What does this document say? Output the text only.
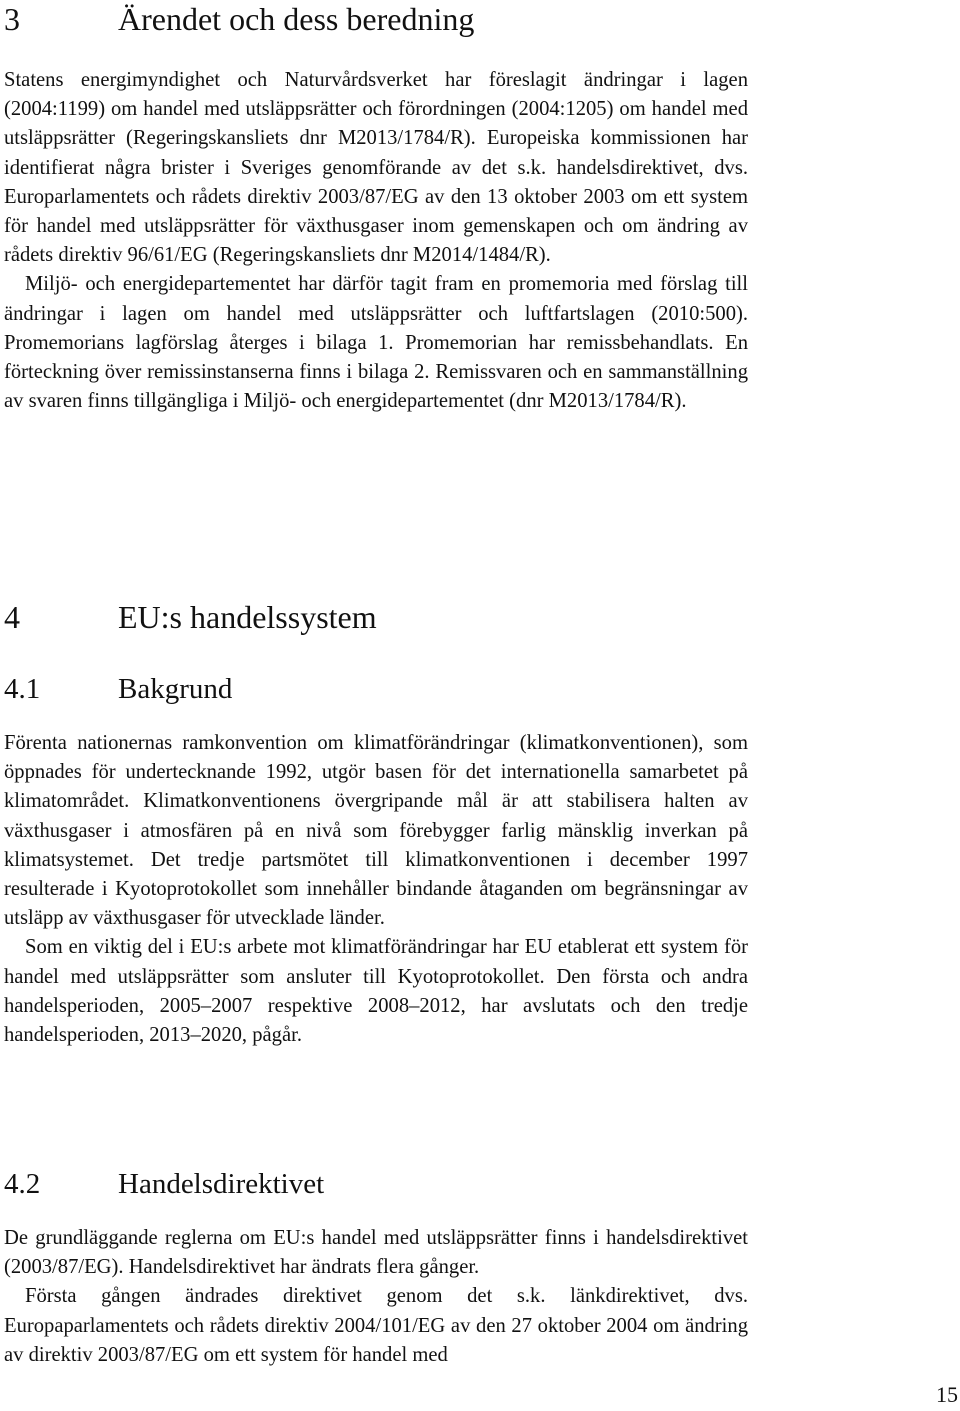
3	Ärendet och dess beredning

Statens energimyndighet och Naturvårdsverket har föreslagit ändringar i lagen (2004:1199) om handel med utsläppsrätter och förordningen (2004:1205) om handel med utsläppsrätter (Regeringskansliets dnr M2013/1784/R). Europeiska kommissionen har identifierat några brister i Sveriges genomförande av det s.k. handelsdirektivet, dvs. Europarlamentets och rådets direktiv 2003/87/EG av den 13 oktober 2003 om ett system för handel med utsläppsrätter för växthusgaser inom gemenskapen och om ändring av rådets direktiv 96/61/EG (Regeringskansliets dnr M2014/1484/R).

Miljö- och energidepartementet har därför tagit fram en promemoria med förslag till ändringar i lagen om handel med utsläppsrätter och luftfartslagen (2010:500). Promemorians lagförslag återges i bilaga 1. Promemorian har remissbehandlats. En förteckning över remissinstanserna finns i bilaga 2. Remissvaren och en sammanställning av svaren finns tillgängliga i Miljö- och energidepartementet (dnr M2013/1784/R).

4	EU:s handelssystem
4.1	Bakgrund

Förenta nationernas ramkonvention om klimatförändringar (klimatkonventionen), som öppnades för undertecknande 1992, utgör basen för det internationella samarbetet på klimatområdet. Klimatkonventionens övergripande mål är att stabilisera halten av växthusgaser i atmosfären på en nivå som förebygger farlig mänsklig inverkan på klimatsystemet. Det tredje partsmötet till klimatkonventionen i december 1997 resulterade i Kyotoprotokollet som innehåller bindande åtaganden om begränsningar av utsläpp av växthusgaser för utvecklade länder.

Som en viktig del i EU:s arbete mot klimatförändringar har EU etablerat ett system för handel med utsläppsrätter som ansluter till Kyotoprotokollet. Den första och andra handelsperioden, 2005–2007 respektive 2008–2012, har avslutats och den tredje handelsperioden, 2013–2020, pågår.

4.2	Handelsdirektivet

De grundläggande reglerna om EU:s handel med utsläppsrätter finns i handelsdirektivet (2003/87/EG). Handelsdirektivet har ändrats flera gånger.

Första gången ändrades direktivet genom det s.k. länkdirektivet, dvs. Europaparlamentets och rådets direktiv 2004/101/EG av den 27 oktober 2004 om ändring av direktiv 2003/87/EG om ett system för handel med

15
